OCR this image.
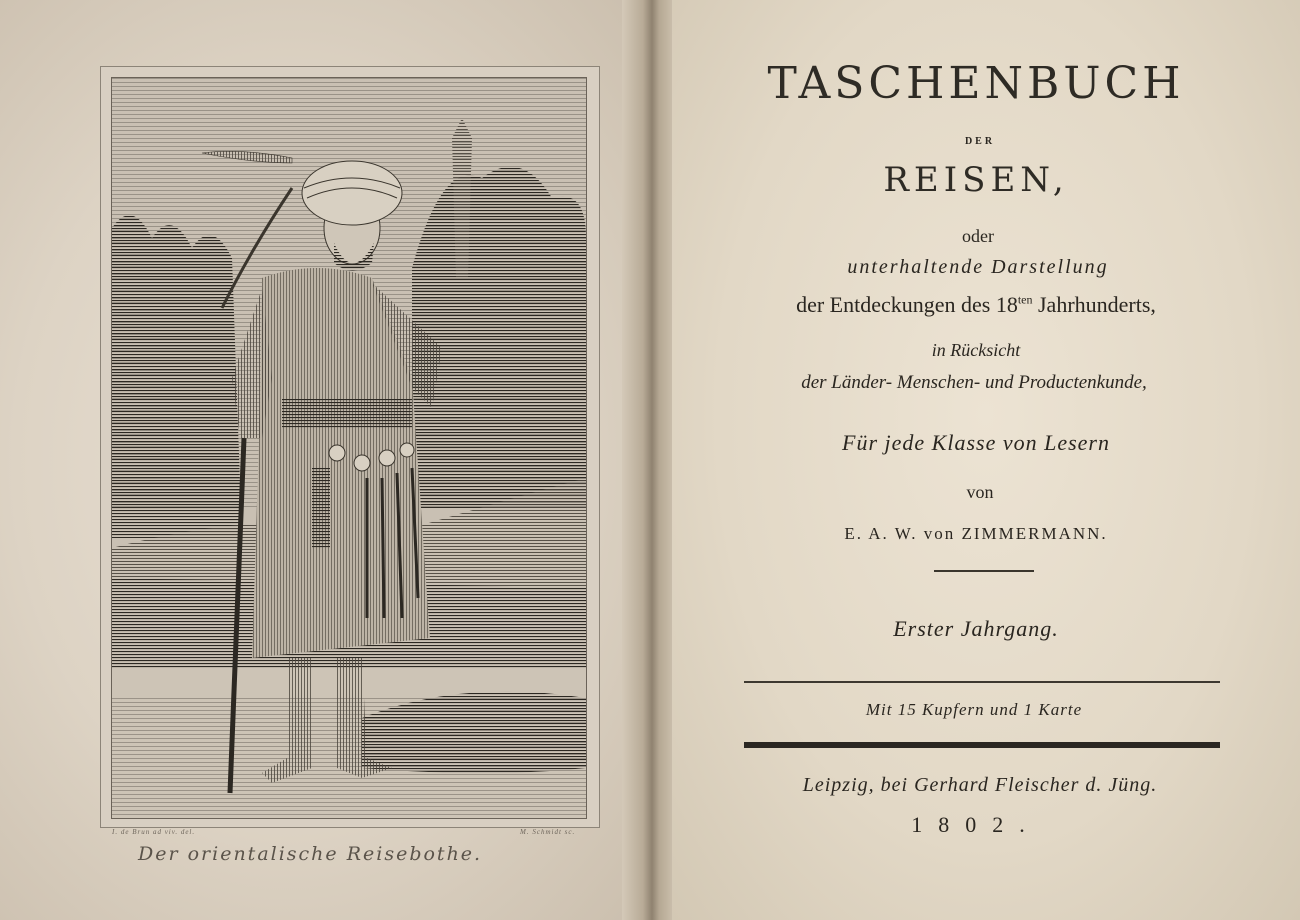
I. de Brun ad viv. del.	M. Schmidt sc.
Der orientalische Reisebothe.
TASCHENBUCH
DER
REISEN,
oder
unterhaltende Darstellung
der Entdeckungen des $18^{ten}$ Jahrhunderts,
in Rücksicht
der Länder- Menschen- und Productenkunde,
Für jede Klasse von Lesern
von
E. A. W. von ZIMMERMANN.
Erster Jahrgang.
Mit 15 Kupfern und 1 Karte
Leipzig, bei Gerhard Fleischer d. Jüng.
1802.
